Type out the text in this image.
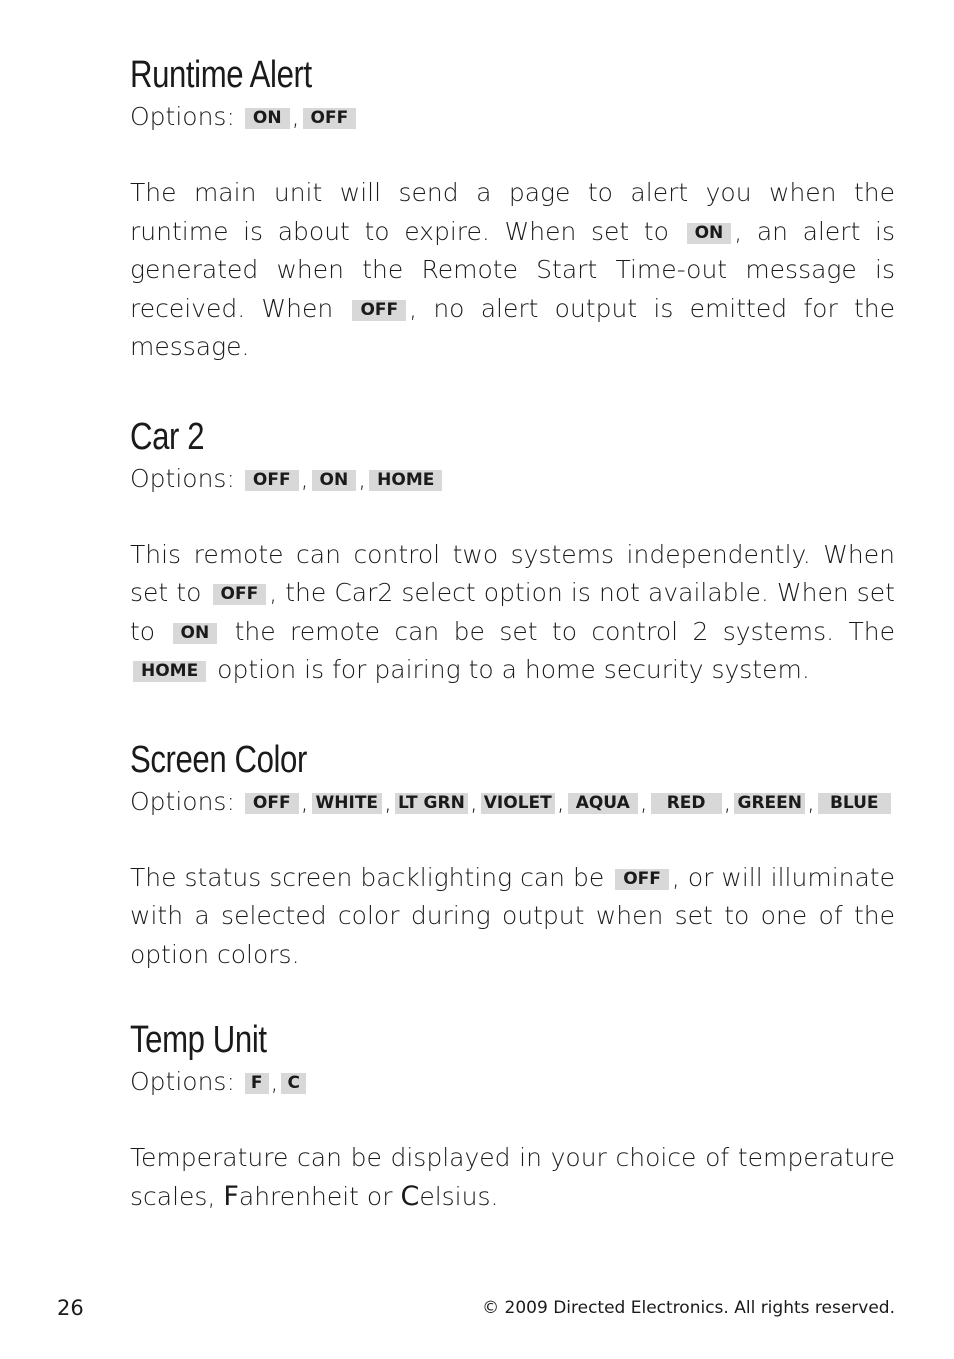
Runtime Alert

Options: ON , OFF

The main unit will send a page to alert you when the runtime is about to expire. When set to ON , an alert is generated when the Remote Start Time-out message is received. When OFF , no alert output is emitted for the message.

Car 2

Options: OFF , ON , HOME

This remote can control two systems independently. When set to OFF , the Car2 select option is not available. When set to ON the remote can be set to control 2 systems. The HOME option is for pairing to a home security system.

Screen Color

Options: OFF , WHITE , LT GRN , VIOLET , AQUA , RED , GREEN , BLUE

The status screen backlighting can be OFF , or will illuminate with a selected color during output when set to one of the option colors.

Temp Unit

Options: F , C

Temperature can be displayed in your choice of temperature scales, Fahrenheit or Celsius.

26	© 2009 Directed Electronics. All rights reserved.
